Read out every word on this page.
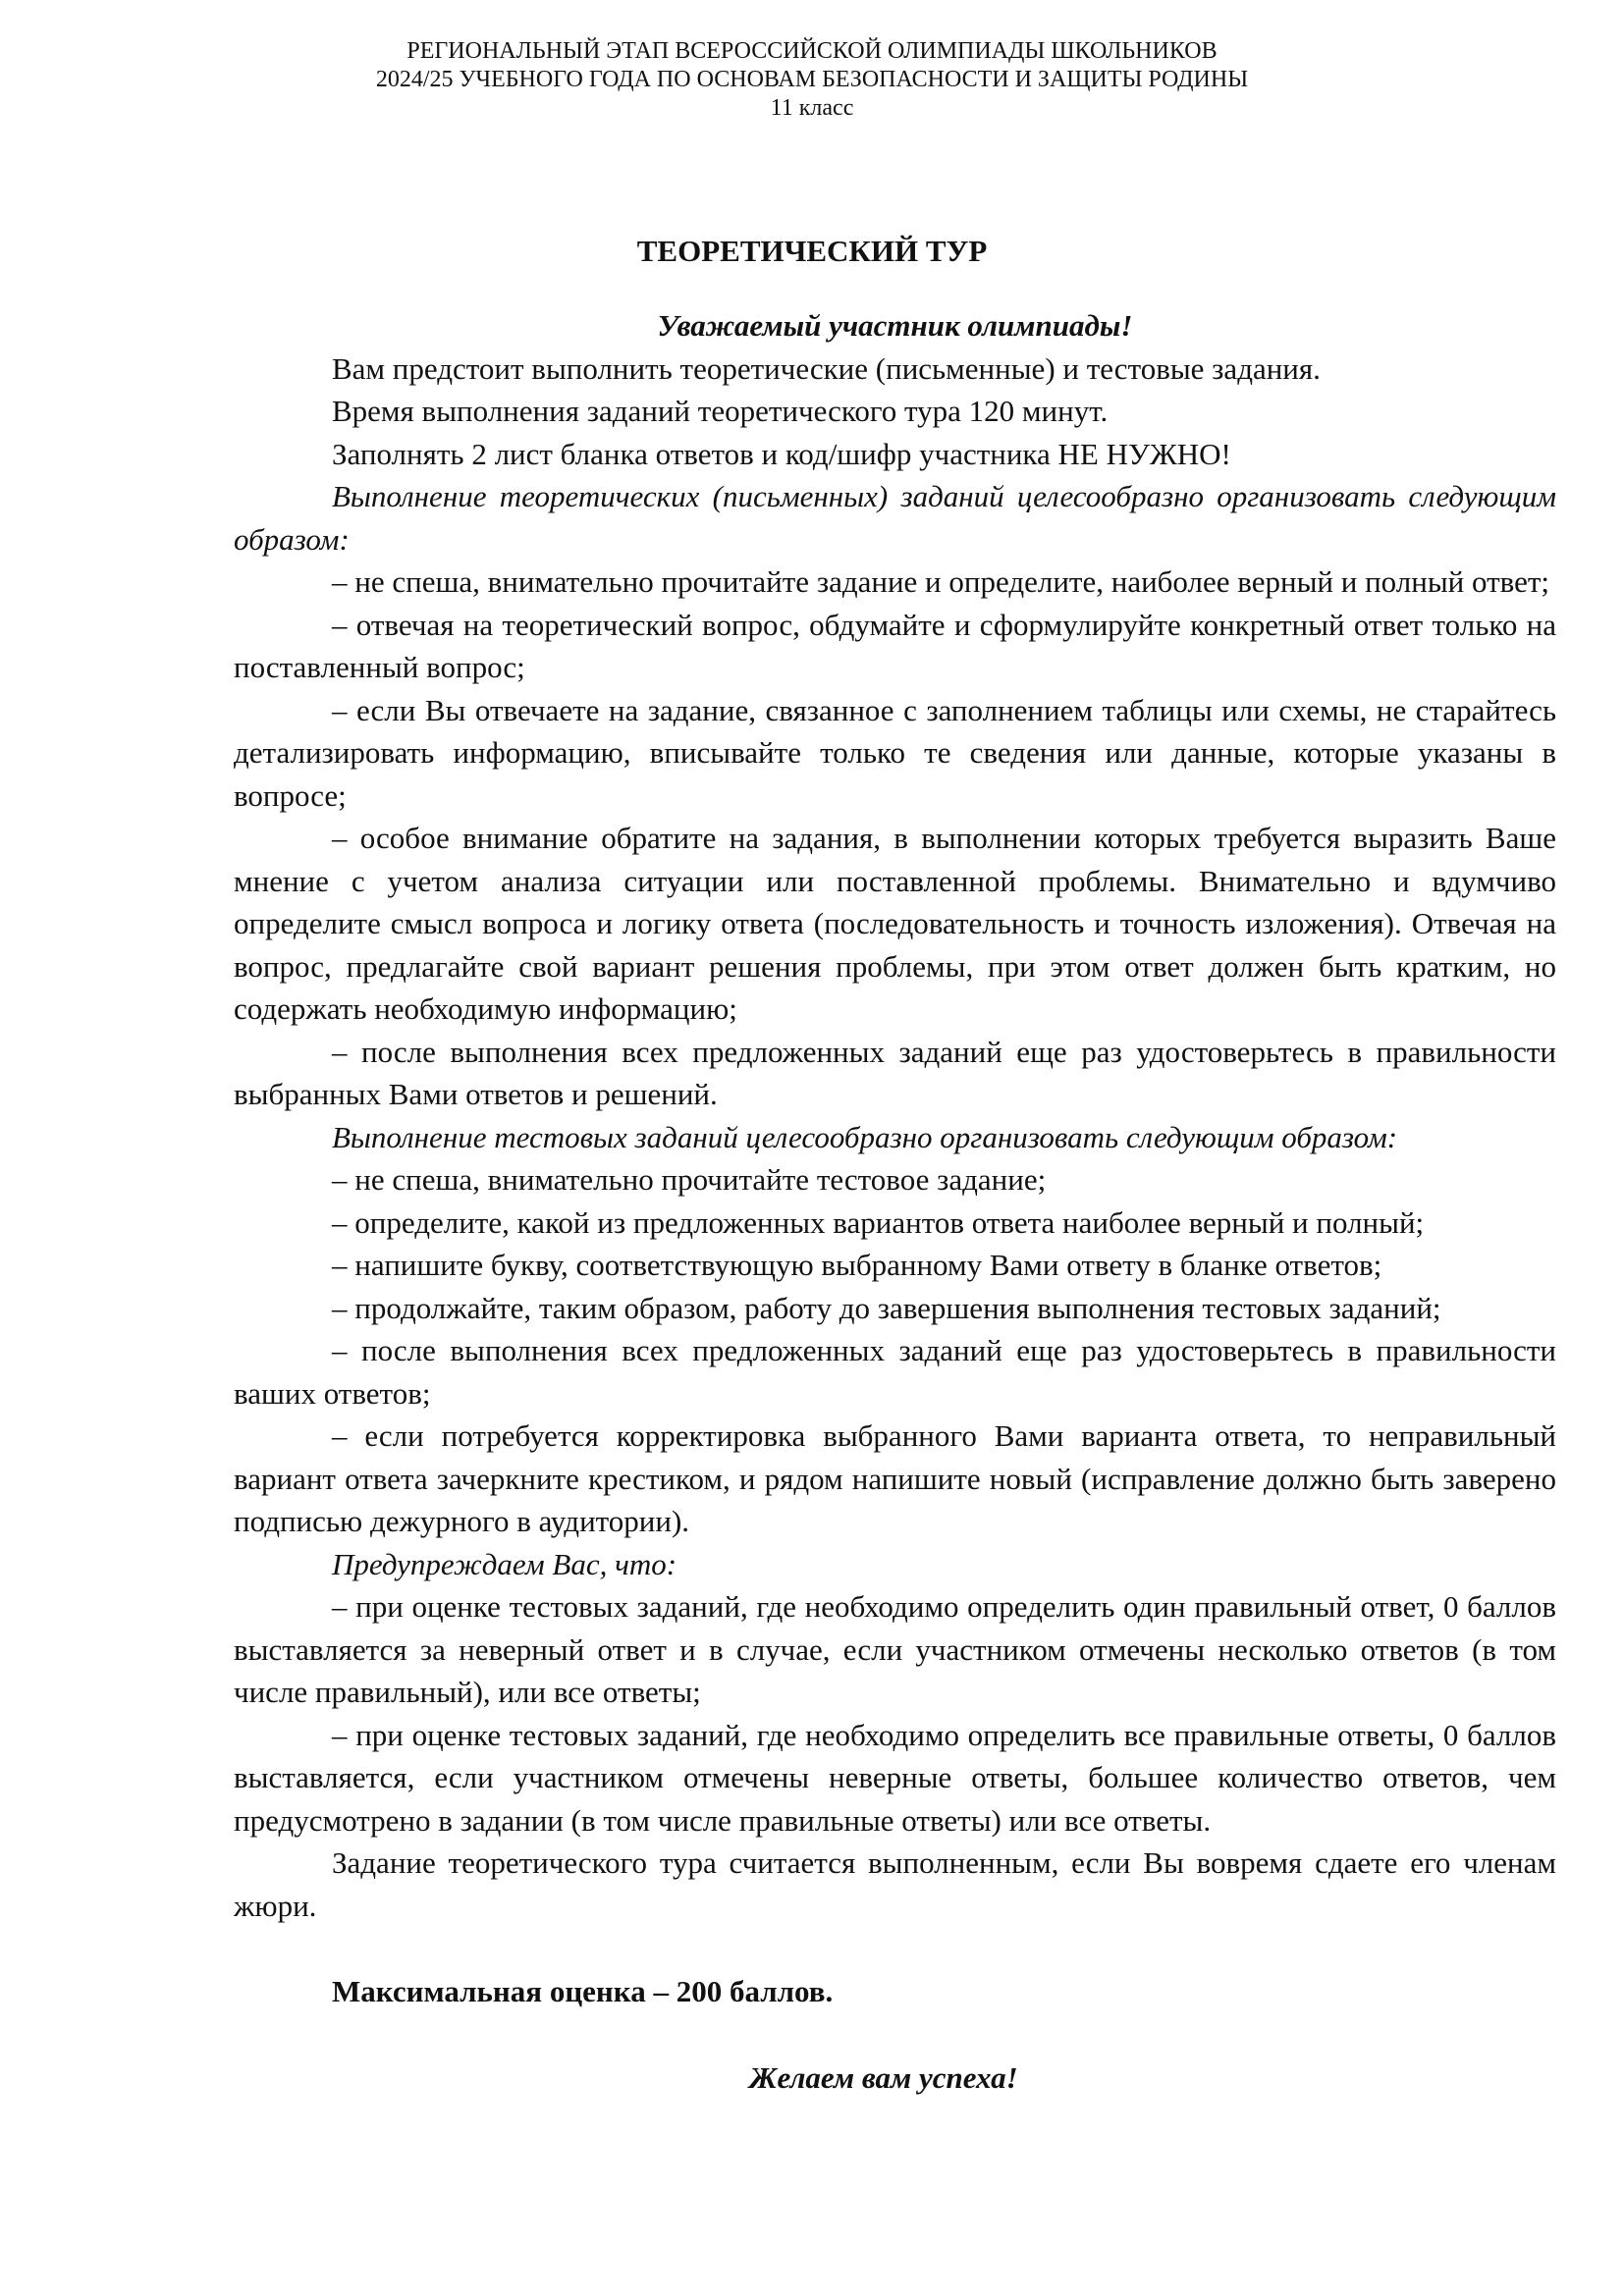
РЕГИОНАЛЬНЫЙ ЭТАП ВСЕРОССИЙСКОЙ ОЛИМПИАДЫ ШКОЛЬНИКОВ
2024/25 УЧЕБНОГО ГОДА ПО ОСНОВАМ БЕЗОПАСНОСТИ И ЗАЩИТЫ РОДИНЫ
11 класс
ТЕОРЕТИЧЕСКИЙ ТУР

Уважаемый участник олимпиады!

Вам предстоит выполнить теоретические (письменные) и тестовые задания.

Время выполнения заданий теоретического тура 120 минут.

Заполнять 2 лист бланка ответов и код/шифр участника НЕ НУЖНО!

Выполнение теоретических (письменных) заданий целесообразно организовать следующим образом:

– не спеша, внимательно прочитайте задание и определите, наиболее верный и полный ответ;

– отвечая на теоретический вопрос, обдумайте и сформулируйте конкретный ответ только на поставленный вопрос;

– если Вы отвечаете на задание, связанное с заполнением таблицы или схемы, не старайтесь детализировать информацию, вписывайте только те сведения или данные, которые указаны в вопросе;

– особое внимание обратите на задания, в выполнении которых требуется выразить Ваше мнение с учетом анализа ситуации или поставленной проблемы. Внимательно и вдумчиво определите смысл вопроса и логику ответа (последовательность и точность изложения). Отвечая на вопрос, предлагайте свой вариант решения проблемы, при этом ответ должен быть кратким, но содержать необходимую информацию;

– после выполнения всех предложенных заданий еще раз удостоверьтесь в правильности выбранных Вами ответов и решений.

Выполнение тестовых заданий целесообразно организовать следующим образом:

– не спеша, внимательно прочитайте тестовое задание;

– определите, какой из предложенных вариантов ответа наиболее верный и полный;

– напишите букву, соответствующую выбранному Вами ответу в бланке ответов;

– продолжайте, таким образом, работу до завершения выполнения тестовых заданий;

– после выполнения всех предложенных заданий еще раз удостоверьтесь в правильности ваших ответов;

– если потребуется корректировка выбранного Вами варианта ответа, то неправильный вариант ответа зачеркните крестиком, и рядом напишите новый (исправление должно быть заверено подписью дежурного в аудитории).

Предупреждаем Вас, что:

– при оценке тестовых заданий, где необходимо определить один правильный ответ, 0 баллов выставляется за неверный ответ и в случае, если участником отмечены несколько ответов (в том числе правильный), или все ответы;

– при оценке тестовых заданий, где необходимо определить все правильные ответы, 0 баллов выставляется, если участником отмечены неверные ответы, большее количество ответов, чем предусмотрено в задании (в том числе правильные ответы) или все ответы.

Задание теоретического тура считается выполненным, если Вы вовремя сдаете его членам жюри.

Максимальная оценка – 200 баллов.

Желаем вам успеха!
